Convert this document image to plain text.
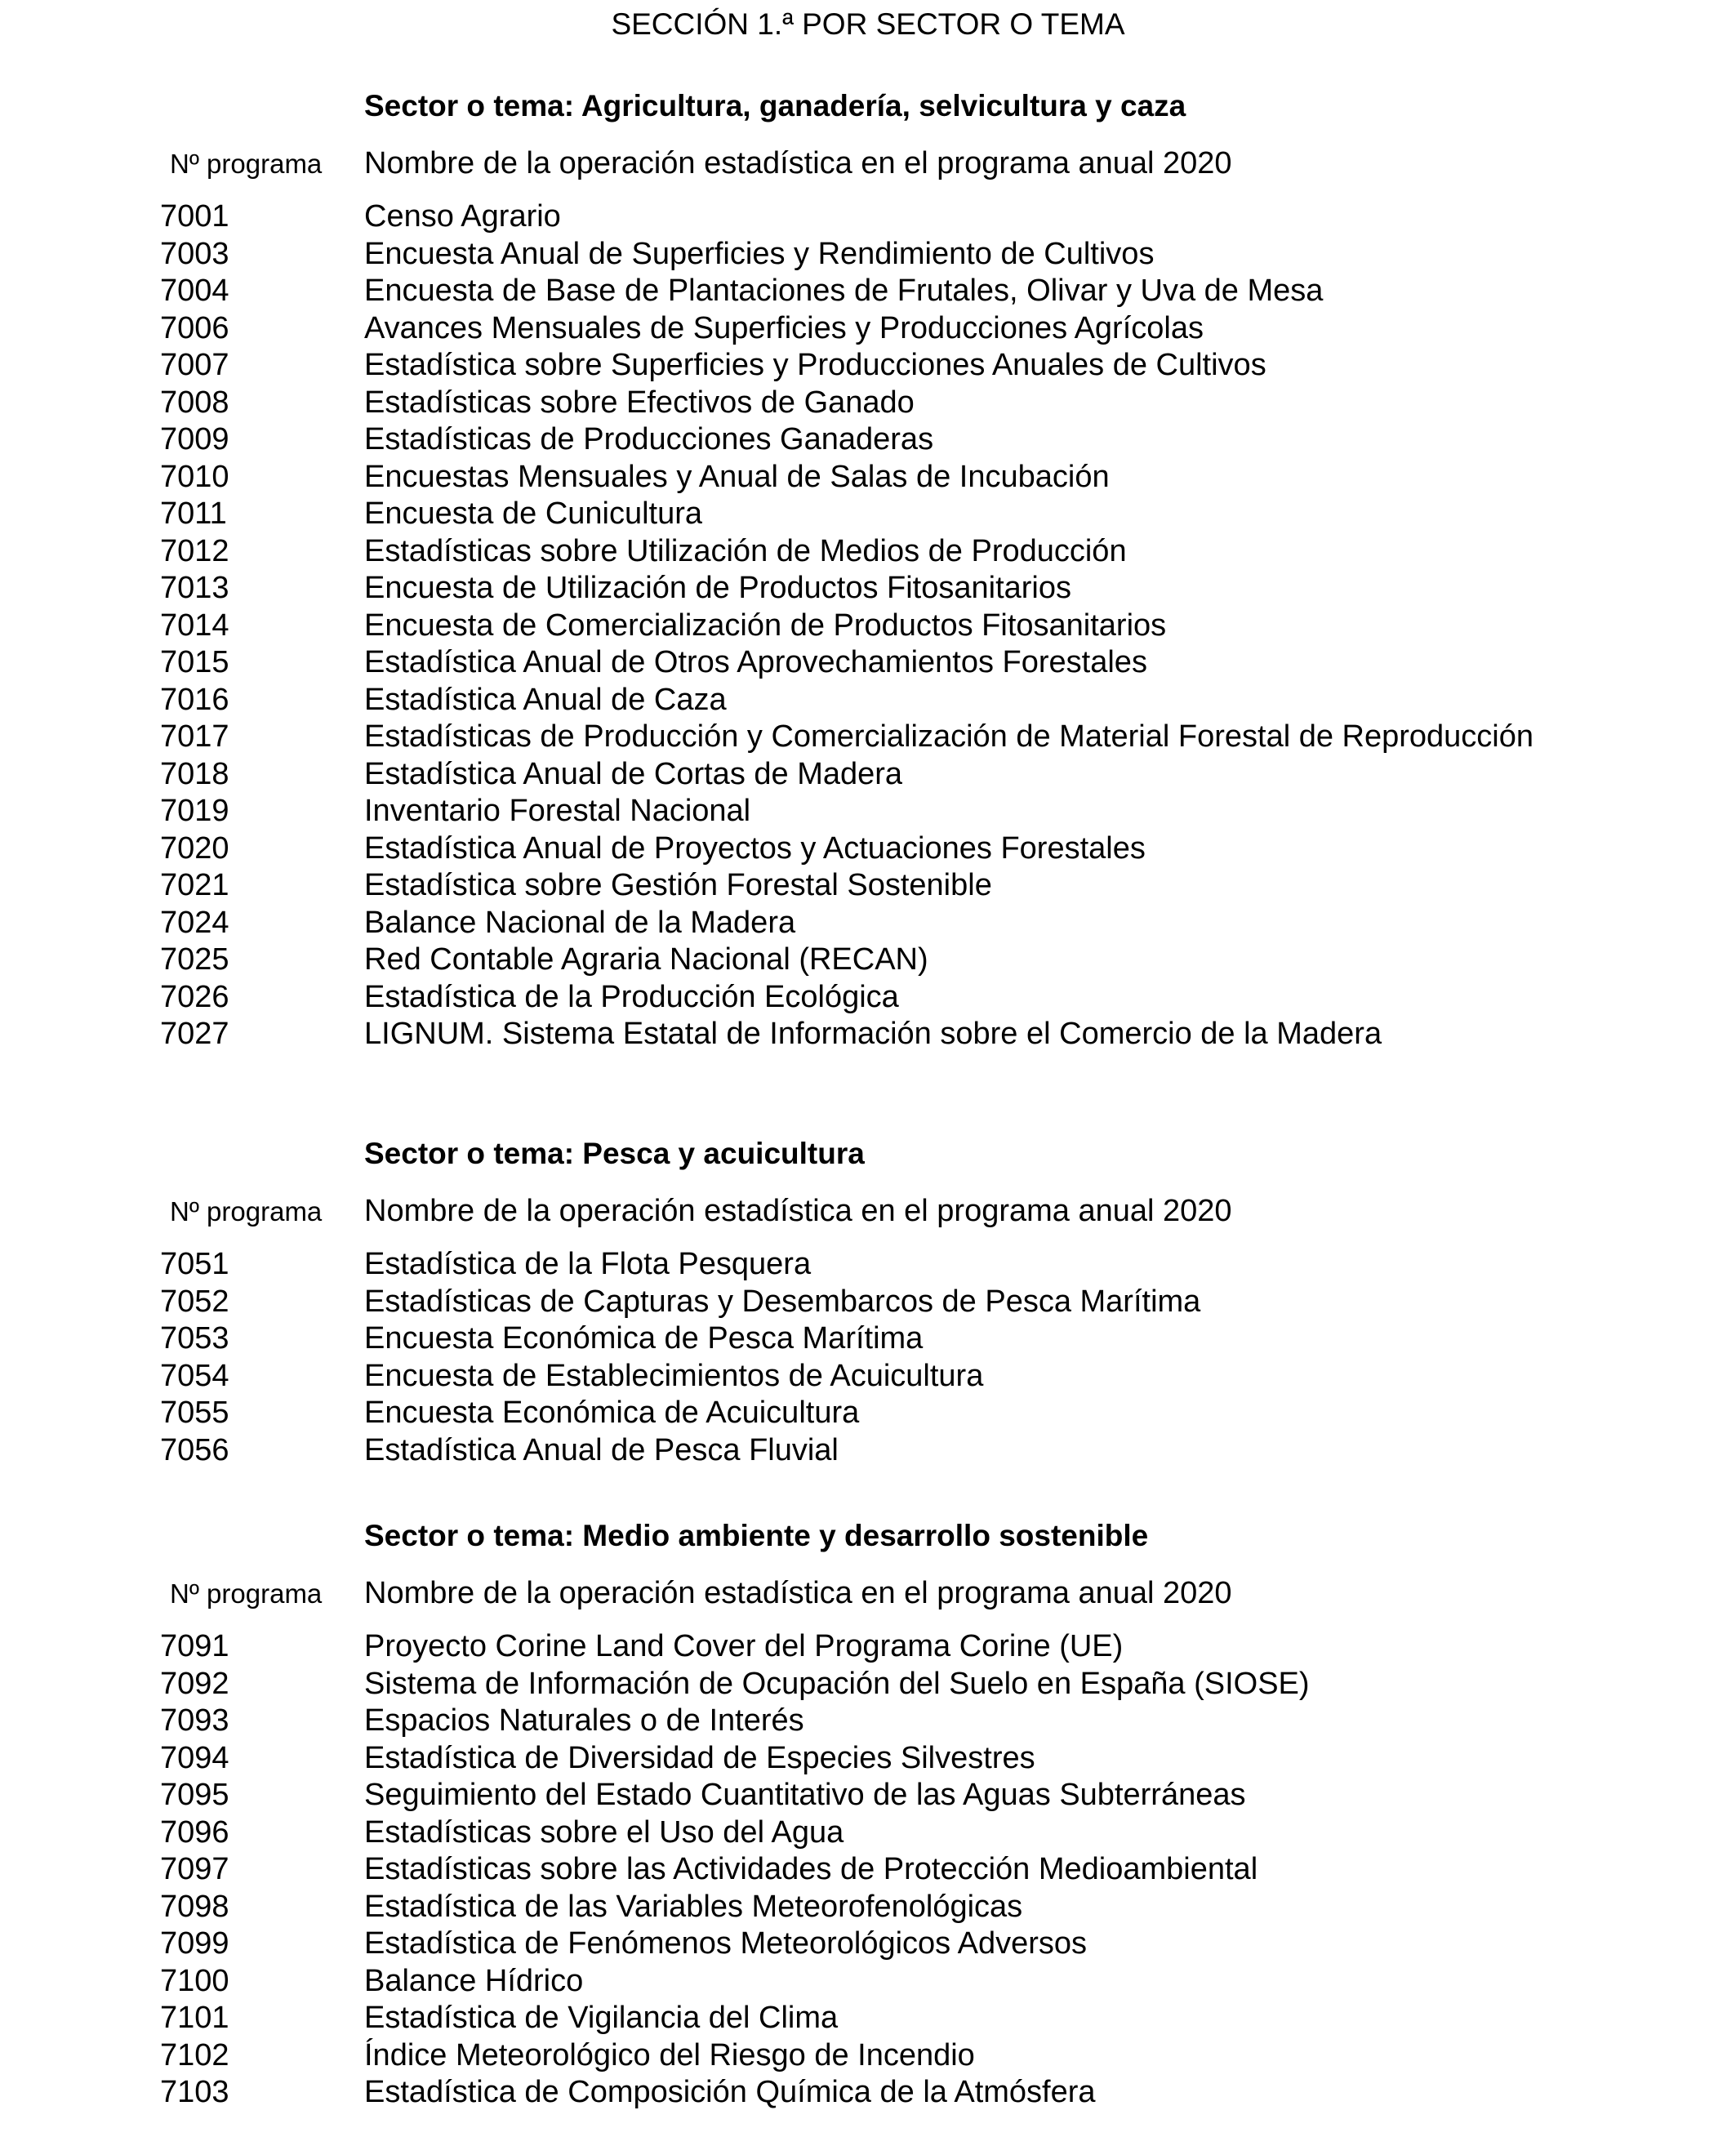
SECCIÓN 1.ª POR SECTOR O TEMA
Sector o tema: Agricultura, ganadería, selvicultura y caza
Nº programa	Nombre de la operación estadística en el programa anual 2020
7001	Censo Agrario
7003	Encuesta Anual de Superficies y Rendimiento de Cultivos
7004	Encuesta de Base de Plantaciones de Frutales, Olivar y Uva de Mesa
7006	Avances Mensuales de Superficies y Producciones Agrícolas
7007	Estadística sobre Superficies y Producciones Anuales de Cultivos
7008	Estadísticas sobre Efectivos de Ganado
7009	Estadísticas de Producciones Ganaderas
7010	Encuestas Mensuales y Anual de Salas de Incubación
7011	Encuesta de Cunicultura
7012	Estadísticas sobre Utilización de Medios de Producción
7013	Encuesta de Utilización de Productos Fitosanitarios
7014	Encuesta de Comercialización de Productos Fitosanitarios
7015	Estadística Anual de Otros Aprovechamientos Forestales
7016	Estadística Anual de Caza
7017	Estadísticas de Producción y Comercialización de Material Forestal de Reproducción
7018	Estadística Anual de Cortas de Madera
7019	Inventario Forestal Nacional
7020	Estadística Anual de Proyectos y Actuaciones Forestales
7021	Estadística sobre Gestión Forestal Sostenible
7024	Balance Nacional de la Madera
7025	Red Contable Agraria Nacional (RECAN)
7026	Estadística de la Producción Ecológica
7027	LIGNUM. Sistema Estatal de Información sobre el Comercio de la Madera
Sector o tema: Pesca y acuicultura
Nº programa	Nombre de la operación estadística en el programa anual 2020
7051	Estadística de la Flota Pesquera
7052	Estadísticas de Capturas y Desembarcos de Pesca Marítima
7053	Encuesta Económica de Pesca Marítima
7054	Encuesta de Establecimientos de Acuicultura
7055	Encuesta Económica de Acuicultura
7056	Estadística Anual de Pesca Fluvial
Sector o tema: Medio ambiente y desarrollo sostenible
Nº programa	Nombre de la operación estadística en el programa anual 2020
7091	Proyecto Corine Land Cover del Programa Corine (UE)
7092	Sistema de Información de Ocupación del Suelo en España (SIOSE)
7093	Espacios Naturales o de Interés
7094	Estadística de Diversidad de Especies Silvestres
7095	Seguimiento del Estado Cuantitativo de las Aguas Subterráneas
7096	Estadísticas sobre el Uso del Agua
7097	Estadísticas sobre las Actividades de Protección Medioambiental
7098	Estadística de las Variables Meteorofenológicas
7099	Estadística de Fenómenos Meteorológicos Adversos
7100	Balance Hídrico
7101	Estadística de Vigilancia del Clima
7102	Índice Meteorológico del Riesgo de Incendio
7103	Estadística de Composición Química de la Atmósfera
